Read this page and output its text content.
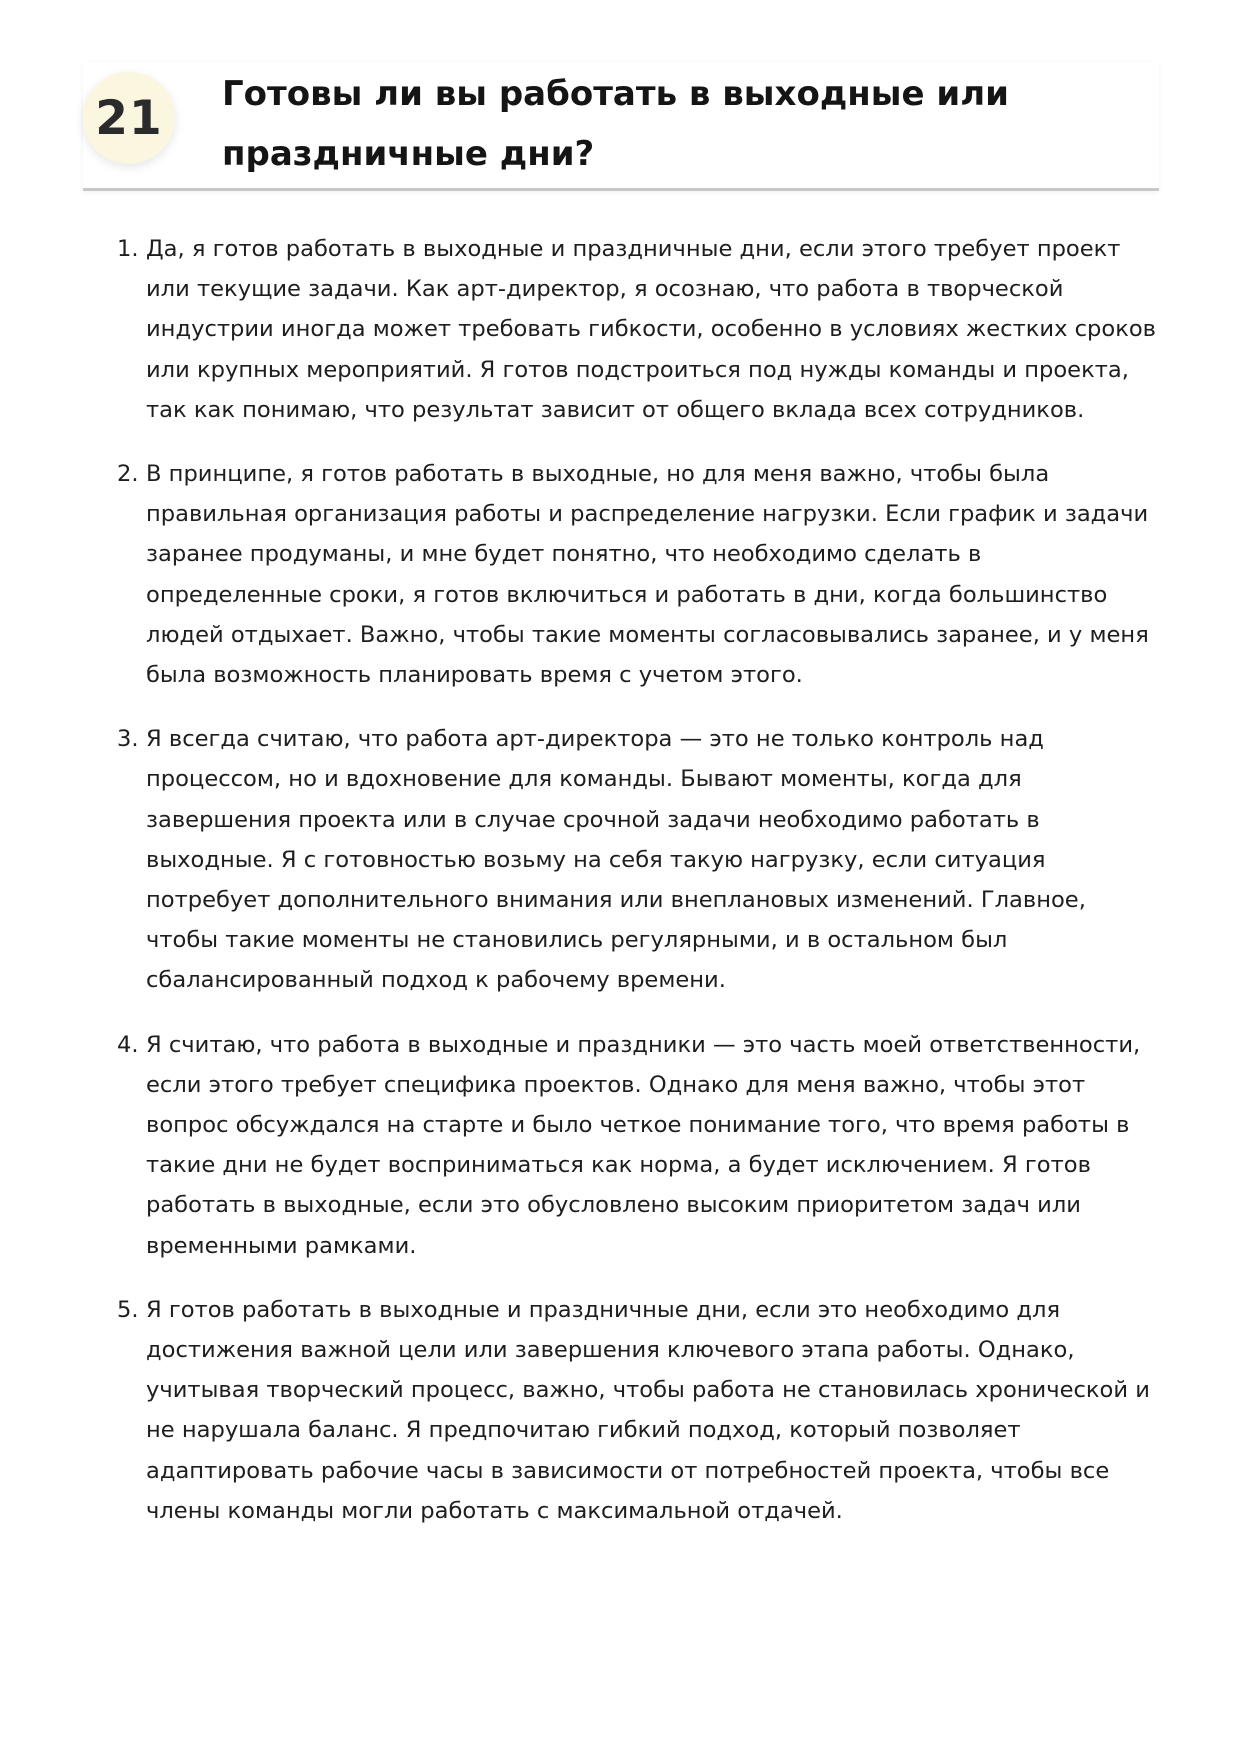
21	Готовы ли вы работать в выходные или праздничные дни?
1. Да, я готов работать в выходные и праздничные дни, если этого требует проект или текущие задачи. Как арт-директор, я осознаю, что работа в творческой индустрии иногда может требовать гибкости, особенно в условиях жестких сроков или крупных мероприятий. Я готов подстроиться под нужды команды и проекта, так как понимаю, что результат зависит от общего вклада всех сотрудников.
2. В принципе, я готов работать в выходные, но для меня важно, чтобы была правильная организация работы и распределение нагрузки. Если график и задачи заранее продуманы, и мне будет понятно, что необходимо сделать в определенные сроки, я готов включиться и работать в дни, когда большинство людей отдыхает. Важно, чтобы такие моменты согласовывались заранее, и у меня была возможность планировать время с учетом этого.
3. Я всегда считаю, что работа арт-директора — это не только контроль над процессом, но и вдохновение для команды. Бывают моменты, когда для завершения проекта или в случае срочной задачи необходимо работать в выходные. Я с готовностью возьму на себя такую нагрузку, если ситуация потребует дополнительного внимания или внеплановых изменений. Главное, чтобы такие моменты не становились регулярными, и в остальном был сбалансированный подход к рабочему времени.
4. Я считаю, что работа в выходные и праздники — это часть моей ответственности, если этого требует специфика проектов. Однако для меня важно, чтобы этот вопрос обсуждался на старте и было четкое понимание того, что время работы в такие дни не будет восприниматься как норма, а будет исключением. Я готов работать в выходные, если это обусловлено высоким приоритетом задач или временными рамками.
5. Я готов работать в выходные и праздничные дни, если это необходимо для достижения важной цели или завершения ключевого этапа работы. Однако, учитывая творческий процесс, важно, чтобы работа не становилась хронической и не нарушала баланс. Я предпочитаю гибкий подход, который позволяет адаптировать рабочие часы в зависимости от потребностей проекта, чтобы все члены команды могли работать с максимальной отдачей.
